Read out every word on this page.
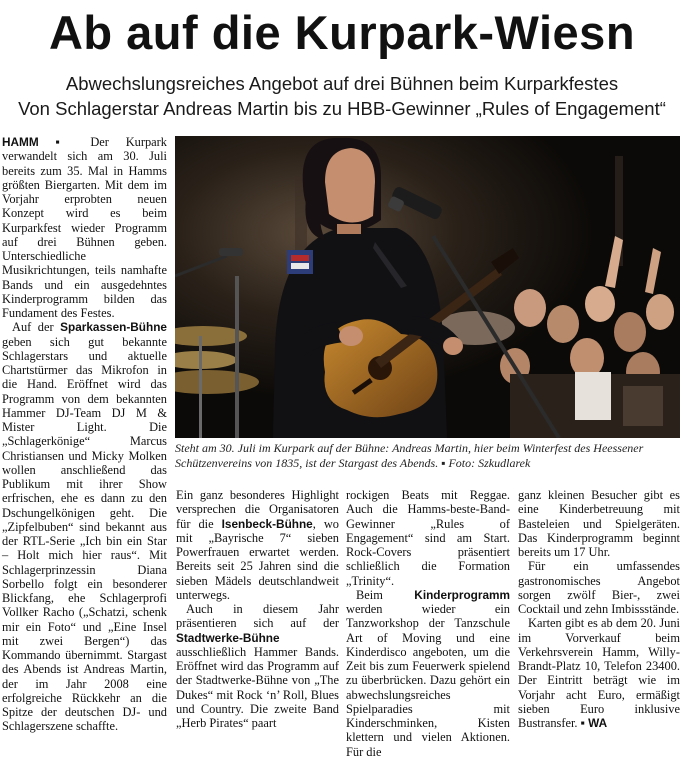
Ab auf die Kurpark-Wiesn

Abwechslungsreiches Angebot auf drei Bühnen beim Kurparkfestes

Von Schlagerstar Andreas Martin bis zu HBB-Gewinner „Rules of Engagement“

HAMM ▪ Der Kurpark verwandelt sich am 30. Juli bereits zum 35. Mal in Hamms größten Biergarten. Mit dem im Vorjahr erprobten neuen Konzept wird es beim Kurparkfest wieder Programm auf drei Bühnen geben. Unterschiedliche Musikrichtungen, teils namhafte Bands und ein ausgedehntes Kinderprogramm bilden das Fundament des Festes.

Auf der Sparkassen-Bühne geben sich gut bekannte Schlagerstars und aktuelle Chartstürmer das Mikrofon in die Hand. Eröffnet wird das Programm von dem bekannten Hammer DJ-Team DJ M & Mister Light. Die „Schlagerkönige“ Marcus Christiansen und Micky Molken wollen anschließend das Publikum mit ihrer Show erfrischen, ehe es dann zu den Dschungelkönigen geht. Die „Zipfelbuben“ sind bekannt aus der RTL-Serie „Ich bin ein Star – Holt mich hier raus“. Mit Schlagerprinzessin Diana Sorbello folgt ein besonderer Blickfang, ehe Schlagerprofi Vollker Racho („Schatzi, schenk mir ein Foto“ und „Eine Insel mit zwei Bergen“) das Kommando übernimmt. Stargast des Abends ist Andreas Martin, der im Jahr 2008 eine erfolgreiche Rückkehr an die Spitze der deutschen DJ- und Schlagerszene schaffte.

Steht am 30. Juli im Kurpark auf der Bühne: Andreas Martin, hier beim Winterfest des Heessener Schützenvereins von 1835, ist der Stargast des Abends. ▪ Foto: Szkudlarek

Ein ganz besonderes Highlight versprechen die Organisatoren für die Isenbeck-Bühne, wo mit „Bayrische 7“ sieben Powerfrauen erwartet werden. Bereits seit 25 Jahren sind die sieben Mädels deutschlandweit unterwegs.

Auch in diesem Jahr präsentieren sich auf der Stadtwerke-Bühne ausschließlich Hammer Bands. Eröffnet wird das Programm auf der Stadtwerke-Bühne von „The Dukes“ mit Rock ‘n’ Roll, Blues und Country. Die zweite Band „Herb Pirates“ paart

rockigen Beats mit Reggae. Auch die Hamms-beste-Band-Gewinner „Rules of Engagement“ sind am Start. Rock-Covers präsentiert schließlich die Formation „Trinity“.

Beim Kinderprogramm werden wieder ein Tanzworkshop der Tanzschule Art of Moving und eine Kinderdisco angeboten, um die Zeit bis zum Feuerwerk spielend zu überbrücken. Dazu gehört ein abwechslungsreiches Spielparadies mit Kinderschminken, Kisten klettern und vielen Aktionen. Für die

ganz kleinen Besucher gibt es eine Kinderbetreuung mit Basteleien und Spielgeräten. Das Kinderprogramm beginnt bereits um 17 Uhr.

Für ein umfassendes gastronomisches Angebot sorgen zwölf Bier-, zwei Cocktail und zehn Imbissstände.

Karten gibt es ab dem 20. Juni im Vorverkauf beim Verkehrsverein Hamm, Willy-Brandt-Platz 10, Telefon 23400. Der Eintritt beträgt wie im Vorjahr acht Euro, ermäßigt sieben Euro inklusive Bustransfer. ▪ WA
